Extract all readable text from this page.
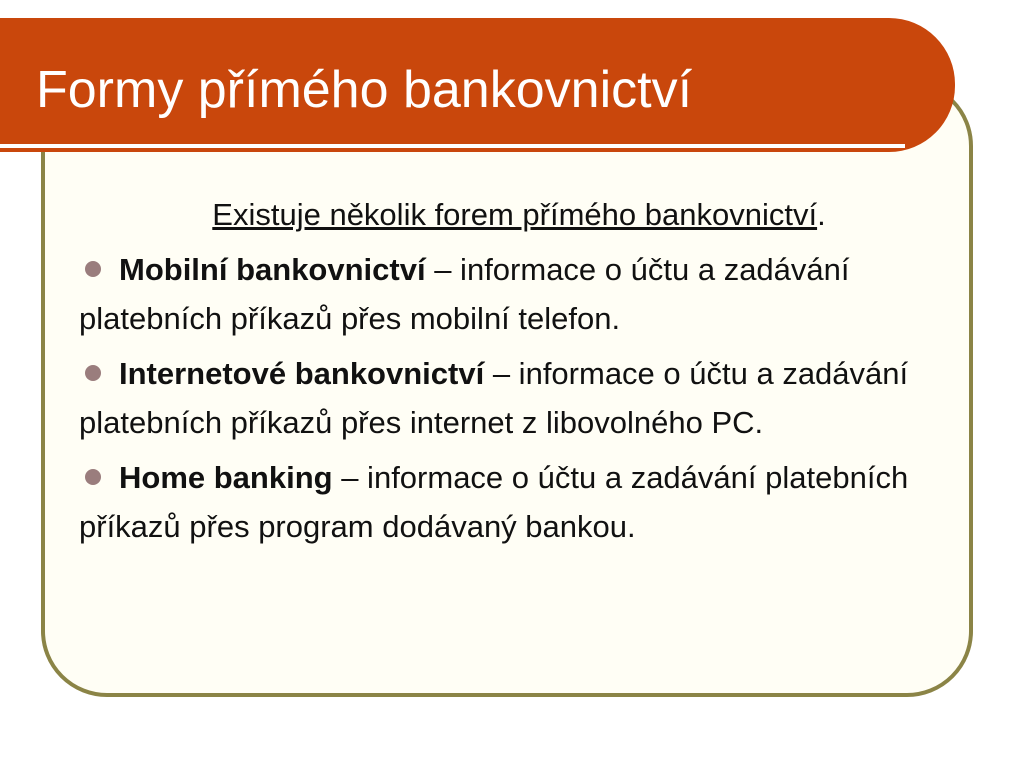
Formy přímého bankovnictví

Existuje několik forem přímého bankovnictví.

Mobilní bankovnictví – informace o účtu a zadávání platebních příkazů přes mobilní telefon.

Internetové bankovnictví – informace o účtu a zadávání platebních příkazů přes internet z libovolného PC.

Home banking – informace o účtu a zadávání platebních příkazů přes program dodávaný bankou.
